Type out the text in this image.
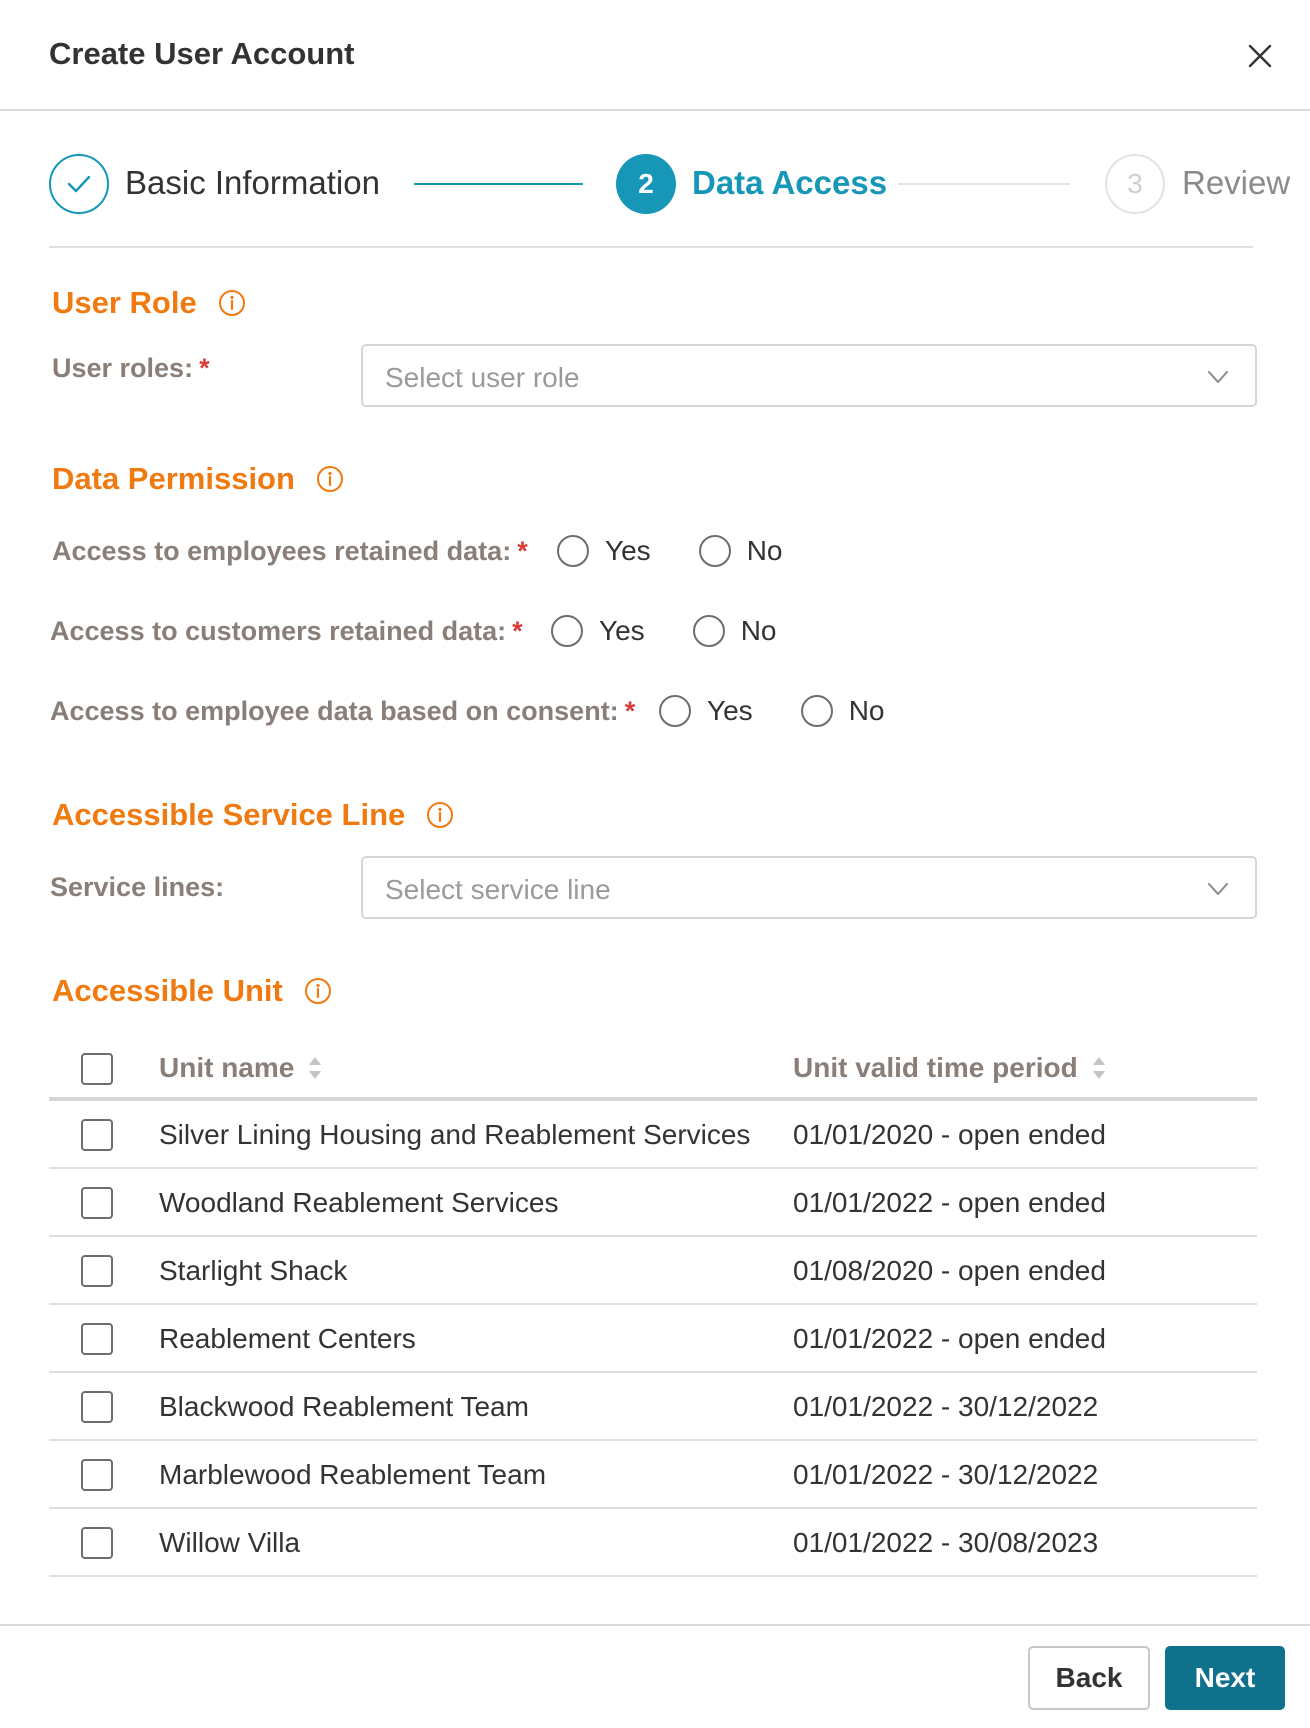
Create User Account
Basic Information	2	Data Access	3	Review
User Role
User roles: *	Select user role
Data Permission
Access to employees retained data: *	Yes	No
Access to customers retained data: *	Yes	No
Access to employee data based on consent: *	Yes	No
Accessible Service Line
Service lines:	Select service line
Accessible Unit
Unit name	Unit valid time period
Silver Lining Housing and Reablement Services 01/01/2020 - open ended
Woodland Reablement Services	01/01/2022 - open ended
Starlight Shack	01/08/2020 - open ended
Reablement Centers	01/01/2022 - open ended
Blackwood Reablement Team	01/01/2022 - 30/12/2022
Marblewood Reablement Team	01/01/2022 - 30/12/2022
Willow Villa	01/01/2022 - 30/08/2023
Back	Next
